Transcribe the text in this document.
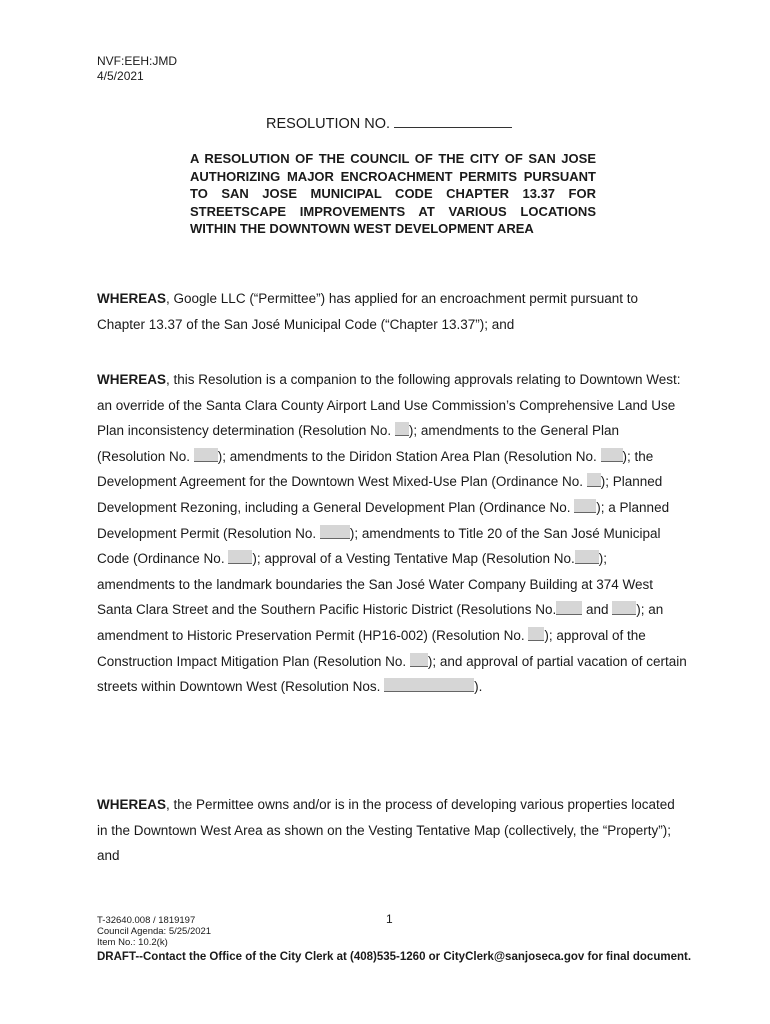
NVF:EEH:JMD
4/5/2021
RESOLUTION NO.
A RESOLUTION OF THE COUNCIL OF THE CITY OF SAN JOSE AUTHORIZING MAJOR ENCROACHMENT PERMITS PURSUANT TO SAN JOSE MUNICIPAL CODE CHAPTER 13.37 FOR STREETSCAPE IMPROVEMENTS AT VARIOUS LOCATIONS WITHIN THE DOWNTOWN WEST DEVELOPMENT AREA
WHEREAS, Google LLC (“Permittee”) has applied for an encroachment permit pursuant to Chapter 13.37 of the San José Municipal Code (“Chapter 13.37”); and
WHEREAS, this Resolution is a companion to the following approvals relating to Downtown West: an override of the Santa Clara County Airport Land Use Commission’s Comprehensive Land Use Plan inconsistency determination (Resolution No. ); amendments to the General Plan (Resolution No. ); amendments to the Diridon Station Area Plan (Resolution No. ); the Development Agreement for the Downtown West Mixed-Use Plan (Ordinance No. ); Planned Development Rezoning, including a General Development Plan (Ordinance No. ); a Planned Development Permit (Resolution No. ); amendments to Title 20 of the San José Municipal Code (Ordinance No. ); approval of a Vesting Tentative Map (Resolution No. ); amendments to the landmark boundaries the San José Water Company Building at 374 West Santa Clara Street and the Southern Pacific Historic District (Resolutions No. and ); an amendment to Historic Preservation Permit (HP16-002) (Resolution No. ); approval of the Construction Impact Mitigation Plan (Resolution No. ); and approval of partial vacation of certain streets within Downtown West (Resolution Nos.	).
WHEREAS, the Permittee owns and/or is in the process of developing various properties located in the Downtown West Area as shown on the Vesting Tentative Map (collectively, the “Property”); and
1
T-32640.008 / 1819197
Council Agenda: 5/25/2021
Item No.: 10.2(k)
DRAFT--Contact the Office of the City Clerk at (408)535-1260 or CityClerk@sanjoseca.gov for final document.
